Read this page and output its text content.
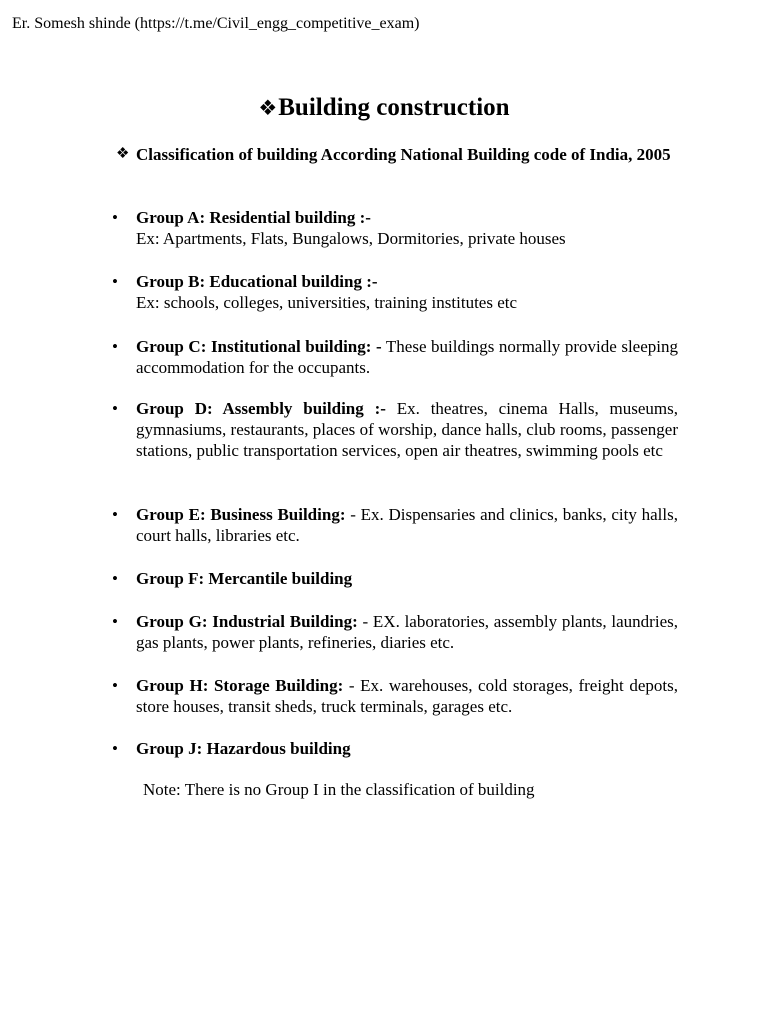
Er. Somesh shinde (https://t.me/Civil_engg_competitive_exam)
❖Building construction
❖ Classification of building According National Building code of India, 2005
• Group A: Residential building :-
Ex: Apartments, Flats, Bungalows, Dormitories, private houses
• Group B: Educational building :-
Ex: schools, colleges, universities, training institutes etc
• Group C: Institutional building: - These buildings normally provide sleeping accommodation for the occupants.
• Group D: Assembly building :- Ex. theatres, cinema Halls, museums, gymnasiums, restaurants, places of worship, dance halls, club rooms, passenger stations, public transportation services, open air theatres, swimming pools etc
• Group E: Business Building: - Ex. Dispensaries and clinics, banks, city halls, court halls, libraries etc.
• Group F: Mercantile building
• Group G: Industrial Building: - EX. laboratories, assembly plants, laundries, gas plants, power plants, refineries, diaries etc.
• Group H: Storage Building: - Ex. warehouses, cold storages, freight depots, store houses, transit sheds, truck terminals, garages etc.
• Group J: Hazardous building
Note: There is no Group I in the classification of building
